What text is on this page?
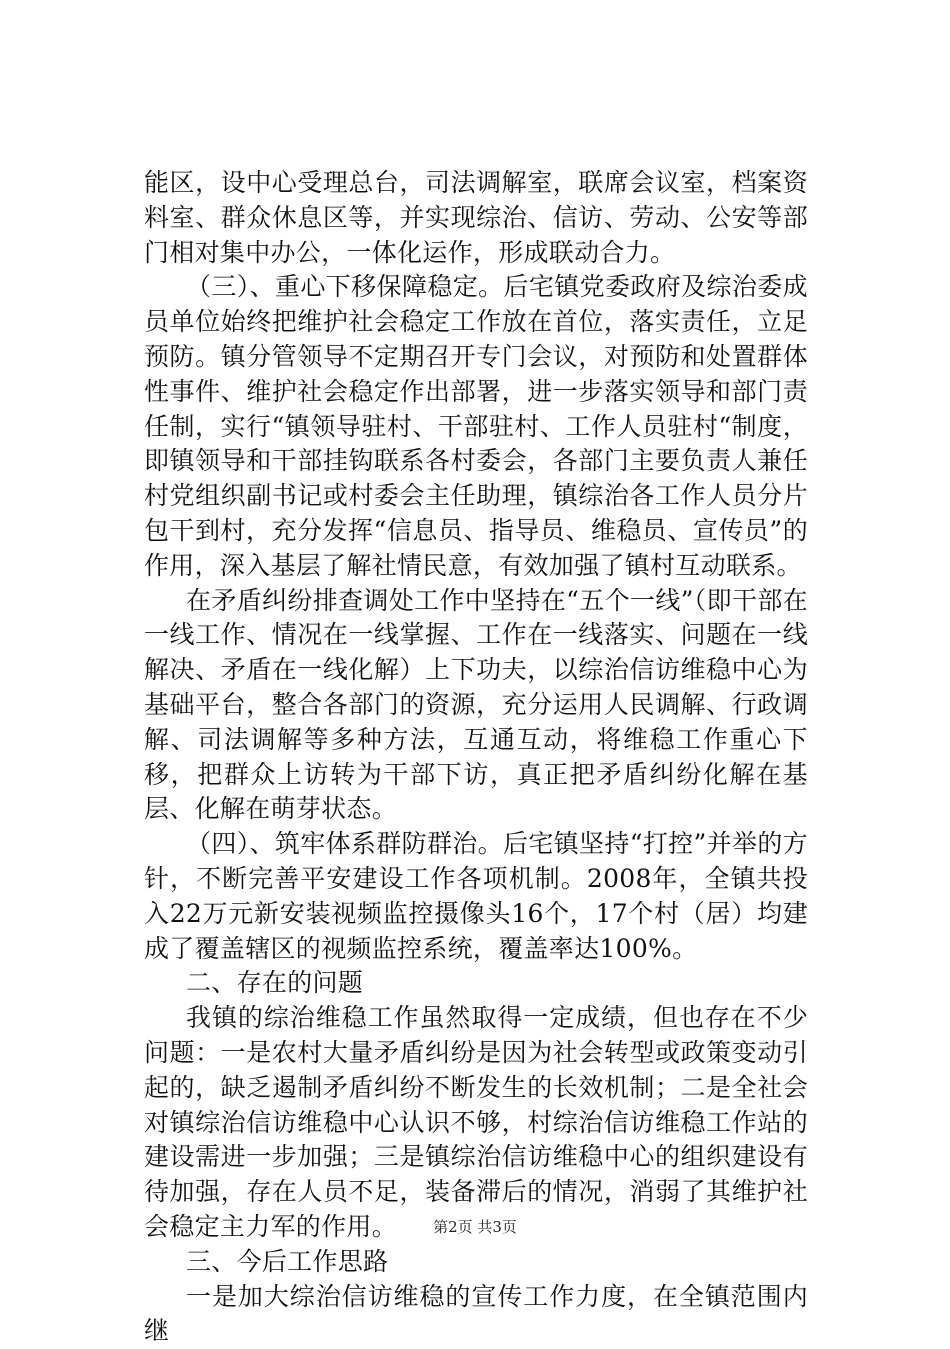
能区，设中心受理总台，司法调解室，联席会议室，档案资料室、群众休息区等，并实现综治、信访、劳动、公安等部门相对集中办公，一体化运作，形成联动合力。

（三）、重心下移保障稳定。后宅镇党委政府及综治委成员单位始终把维护社会稳定工作放在首位，落实责任，立足预防。镇分管领导不定期召开专门会议，对预防和处置群体性事件、维护社会稳定作出部署，进一步落实领导和部门责任制，实行“镇领导驻村、干部驻村、工作人员驻村“制度，即镇领导和干部挂钩联系各村委会，各部门主要负责人兼任村党组织副书记或村委会主任助理，镇综治各工作人员分片包干到村，充分发挥“信息员、指导员、维稳员、宣传员”的作用，深入基层了解社情民意，有效加强了镇村互动联系。

在矛盾纠纷排查调处工作中坚持在“五个一线”（即干部在一线工作、情况在一线掌握、工作在一线落实、问题在一线解决、矛盾在一线化解）上下功夫，以综治信访维稳中心为基础平台，整合各部门的资源，充分运用人民调解、行政调解、司法调解等多种方法，互通互动，将维稳工作重心下移，把群众上访转为干部下访，真正把矛盾纠纷化解在基层、化解在萌芽状态。

（四）、筑牢体系群防群治。后宅镇坚持“打控”并举的方针，不断完善平安建设工作各项机制。2008年，全镇共投入22万元新安装视频监控摄像头16个，17个村（居）均建成了覆盖辖区的视频监控系统，覆盖率达100%。

二、存在的问题

我镇的综治维稳工作虽然取得一定成绩，但也存在不少问题：一是农村大量矛盾纠纷是因为社会转型或政策变动引起的，缺乏遏制矛盾纠纷不断发生的长效机制；二是全社会对镇综治信访维稳中心认识不够，村综治信访维稳工作站的建设需进一步加强；三是镇综治信访维稳中心的组织建设有待加强，存在人员不足，装备滞后的情况，消弱了其维护社会稳定主力军的作用。

三、今后工作思路

一是加大综治信访维稳的宣传工作力度，在全镇范围内继

第2页 共3页
